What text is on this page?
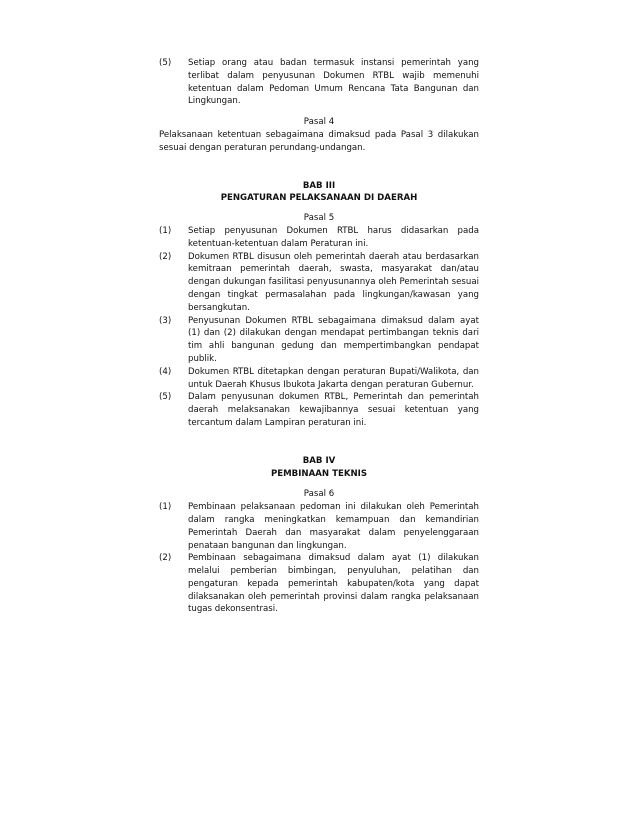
(5)	Setiap orang atau badan termasuk instansi pemerintah yang terlibat dalam penyusunan Dokumen RTBL wajib memenuhi ketentuan dalam Pedoman Umum Rencana Tata Bangunan dan Lingkungan.
Pasal 4
Pelaksanaan ketentuan sebagaimana dimaksud pada Pasal 3 dilakukan sesuai dengan peraturan perundang-undangan.
BAB III
PENGATURAN PELAKSANAAN DI DAERAH
Pasal 5
(1)	Setiap penyusunan Dokumen RTBL harus didasarkan pada ketentuan-ketentuan dalam Peraturan ini.
(2)	Dokumen RTBL disusun oleh pemerintah daerah atau berdasarkan kemitraan pemerintah daerah, swasta, masyarakat dan/atau dengan dukungan fasilitasi penyusunannya oleh Pemerintah sesuai dengan tingkat permasalahan pada lingkungan/kawasan yang bersangkutan.
(3)	Penyusunan Dokumen RTBL sebagaimana dimaksud dalam ayat (1) dan (2) dilakukan dengan mendapat pertimbangan teknis dari tim ahli bangunan gedung dan mempertimbangkan pendapat publik.
(4)	Dokumen RTBL ditetapkan dengan peraturan Bupati/Walikota, dan untuk Daerah Khusus Ibukota Jakarta dengan peraturan Gubernur.
(5)	Dalam penyusunan dokumen RTBL, Pemerintah dan pemerintah daerah melaksanakan kewajibannya sesuai ketentuan yang tercantum dalam Lampiran peraturan ini.
BAB IV
PEMBINAAN TEKNIS
Pasal 6
(1)	Pembinaan pelaksanaan pedoman ini dilakukan oleh Pemerintah dalam rangka meningkatkan kemampuan dan kemandirian Pemerintah Daerah dan masyarakat dalam penyelenggaraan penataan bangunan dan lingkungan.
(2)	Pembinaan sebagaimana dimaksud dalam ayat (1) dilakukan melalui pemberian bimbingan, penyuluhan, pelatihan dan pengaturan kepada pemerintah kabupaten/kota yang dapat dilaksanakan oleh pemerintah provinsi dalam rangka pelaksanaan tugas dekonsentrasi.
